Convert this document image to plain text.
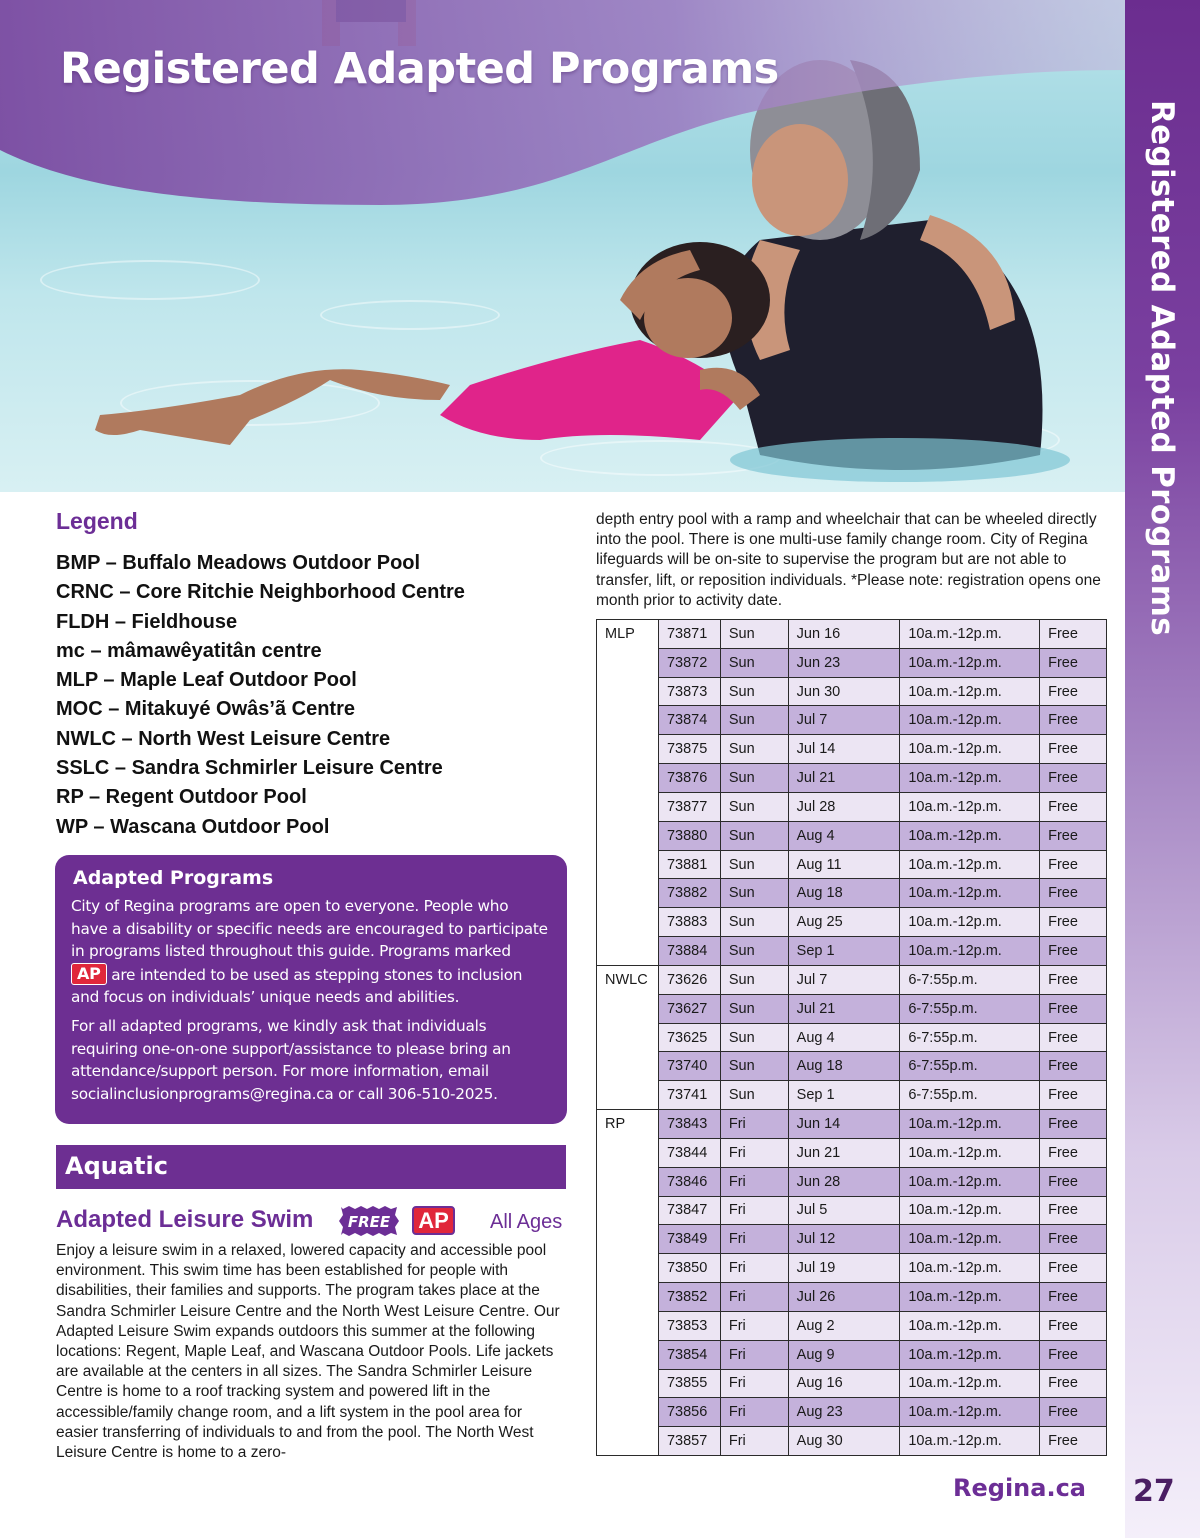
Registered Adapted Programs
Registered Adapted Programs
Legend
BMP – Buffalo Meadows Outdoor Pool
CRNC – Core Ritchie Neighborhood Centre
FLDH – Fieldhouse
mc – mâmawêyatitân centre
MLP – Maple Leaf Outdoor Pool
MOC – Mitakuyé Owâs’ã Centre
NWLC – North West Leisure Centre
SSLC – Sandra Schmirler Leisure Centre
RP – Regent Outdoor Pool
WP – Wascana Outdoor Pool
Adapted Programs

City of Regina programs are open to everyone. People who have a disability or specific needs are encouraged to participate in programs listed throughout this guide. Programs marked AP are intended to be used as stepping stones to inclusion and focus on individuals’ unique needs and abilities.

For all adapted programs, we kindly ask that individuals requiring one-on-one support/assistance to please bring an attendance/support person. For more information, email socialinclusionprograms@regina.ca or call 306-510-2025.

Aquatic
Adapted Leisure Swim FREE AP	All Ages
Enjoy a leisure swim in a relaxed, lowered capacity and accessible pool environment. This swim time has been established for people with disabilities, their families and supports. The program takes place at the Sandra Schmirler Leisure Centre and the North West Leisure Centre. Our Adapted Leisure Swim expands outdoors this summer at the following locations: Regent, Maple Leaf, and Wascana Outdoor Pools. Life jackets are available at the centers in all sizes. The Sandra Schmirler Leisure Centre is home to a roof tracking system and powered lift in the accessible/family change room, and a lift system in the pool area for easier transferring of individuals to and from the pool. The North West Leisure Centre is home to a zero-
depth entry pool with a ramp and wheelchair that can be wheeled directly into the pool. There is one multi-use family change room. City of Regina lifeguards will be on-site to supervise the program but are not able to transfer, lift, or reposition individuals. *Please note: registration opens one month prior to activity date.
MLP	73871	Sun	Jun 16	10a.m.-12p.m.	Free
	73872	Sun	Jun 23	10a.m.-12p.m.	Free
	73873	Sun	Jun 30	10a.m.-12p.m.	Free
	73874	Sun	Jul 7	10a.m.-12p.m.	Free
	73875	Sun	Jul 14	10a.m.-12p.m.	Free
	73876	Sun	Jul 21	10a.m.-12p.m.	Free
	73877	Sun	Jul 28	10a.m.-12p.m.	Free
	73880	Sun	Aug 4	10a.m.-12p.m.	Free
	73881	Sun	Aug 11	10a.m.-12p.m.	Free
	73882	Sun	Aug 18	10a.m.-12p.m.	Free
	73883	Sun	Aug 25	10a.m.-12p.m.	Free
	73884	Sun	Sep 1	10a.m.-12p.m.	Free
NWLC	73626	Sun	Jul 7	6-7:55p.m.	Free
	73627	Sun	Jul 21	6-7:55p.m.	Free
	73625	Sun	Aug 4	6-7:55p.m.	Free
	73740	Sun	Aug 18	6-7:55p.m.	Free
	73741	Sun	Sep 1	6-7:55p.m.	Free
RP	73843	Fri	Jun 14	10a.m.-12p.m.	Free
	73844	Fri	Jun 21	10a.m.-12p.m.	Free
	73846	Fri	Jun 28	10a.m.-12p.m.	Free
	73847	Fri	Jul 5	10a.m.-12p.m.	Free
	73849	Fri	Jul 12	10a.m.-12p.m.	Free
	73850	Fri	Jul 19	10a.m.-12p.m.	Free
	73852	Fri	Jul 26	10a.m.-12p.m.	Free
	73853	Fri	Aug 2	10a.m.-12p.m.	Free
	73854	Fri	Aug 9	10a.m.-12p.m.	Free
	73855	Fri	Aug 16	10a.m.-12p.m.	Free
	73856	Fri	Aug 23	10a.m.-12p.m.	Free
	73857	Fri	Aug 30	10a.m.-12p.m.	Free
Regina.ca 27
